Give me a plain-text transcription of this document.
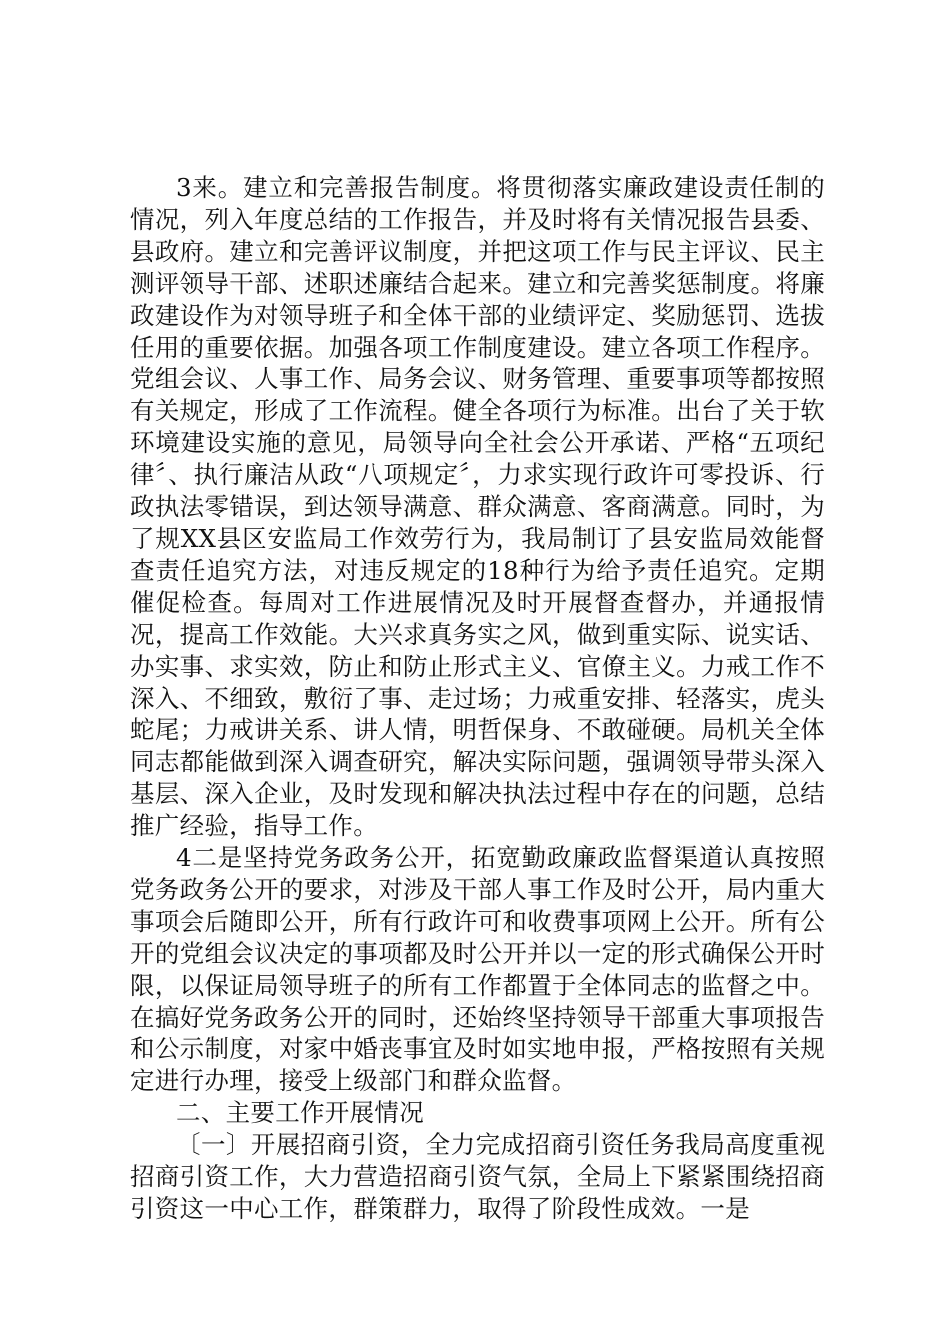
3来。建立和完善报告制度。将贯彻落实廉政建设责任制的情况，列入年度总结的工作报告，并及时将有关情况报告县委、县政府。建立和完善评议制度，并把这项工作与民主评议、民主测评领导干部、述职述廉结合起来。建立和完善奖惩制度。将廉政建设作为对领导班子和全体干部的业绩评定、奖励惩罚、选拔任用的重要依据。加强各项工作制度建设。建立各项工作程序。党组会议、人事工作、局务会议、财务管理、重要事项等都按照有关规定，形成了工作流程。健全各项行为标准。出台了关于软环境建设实施的意见，局领导向全社会公开承诺、严格“五项纪律〞、执行廉洁从政“八项规定〞，力求实现行政许可零投诉、行政执法零错误，到达领导满意、群众满意、客商满意。同时，为了规XX县区安监局工作效劳行为，我局制订了县安监局效能督查责任追究方法，对违反规定的18种行为给予责任追究。定期催促检查。每周对工作进展情况及时开展督查督办，并通报情况，提高工作效能。大兴求真务实之风，做到重实际、说实话、办实事、求实效，防止和防止形式主义、官僚主义。力戒工作不深入、不细致，敷衍了事、走过场；力戒重安排、轻落实，虎头蛇尾；力戒讲关系、讲人情，明哲保身、不敢碰硬。局机关全体同志都能做到深入调查研究，解决实际问题，强调领导带头深入基层、深入企业，及时发现和解决执法过程中存在的问题，总结推广经验，指导工作。

4二是坚持党务政务公开，拓宽勤政廉政监督渠道认真按照党务政务公开的要求，对涉及干部人事工作及时公开，局内重大事项会后随即公开，所有行政许可和收费事项网上公开。所有公开的党组会议决定的事项都及时公开并以一定的形式确保公开时限，以保证局领导班子的所有工作都置于全体同志的监督之中。在搞好党务政务公开的同时，还始终坚持领导干部重大事项报告和公示制度，对家中婚丧事宜及时如实地申报，严格按照有关规定进行办理，接受上级部门和群众监督。

二、主要工作开展情况

〔一〕开展招商引资，全力完成招商引资任务我局高度重视招商引资工作，大力营造招商引资气氛，全局上下紧紧围绕招商引资这一中心工作，群策群力，取得了阶段性成效。一是
